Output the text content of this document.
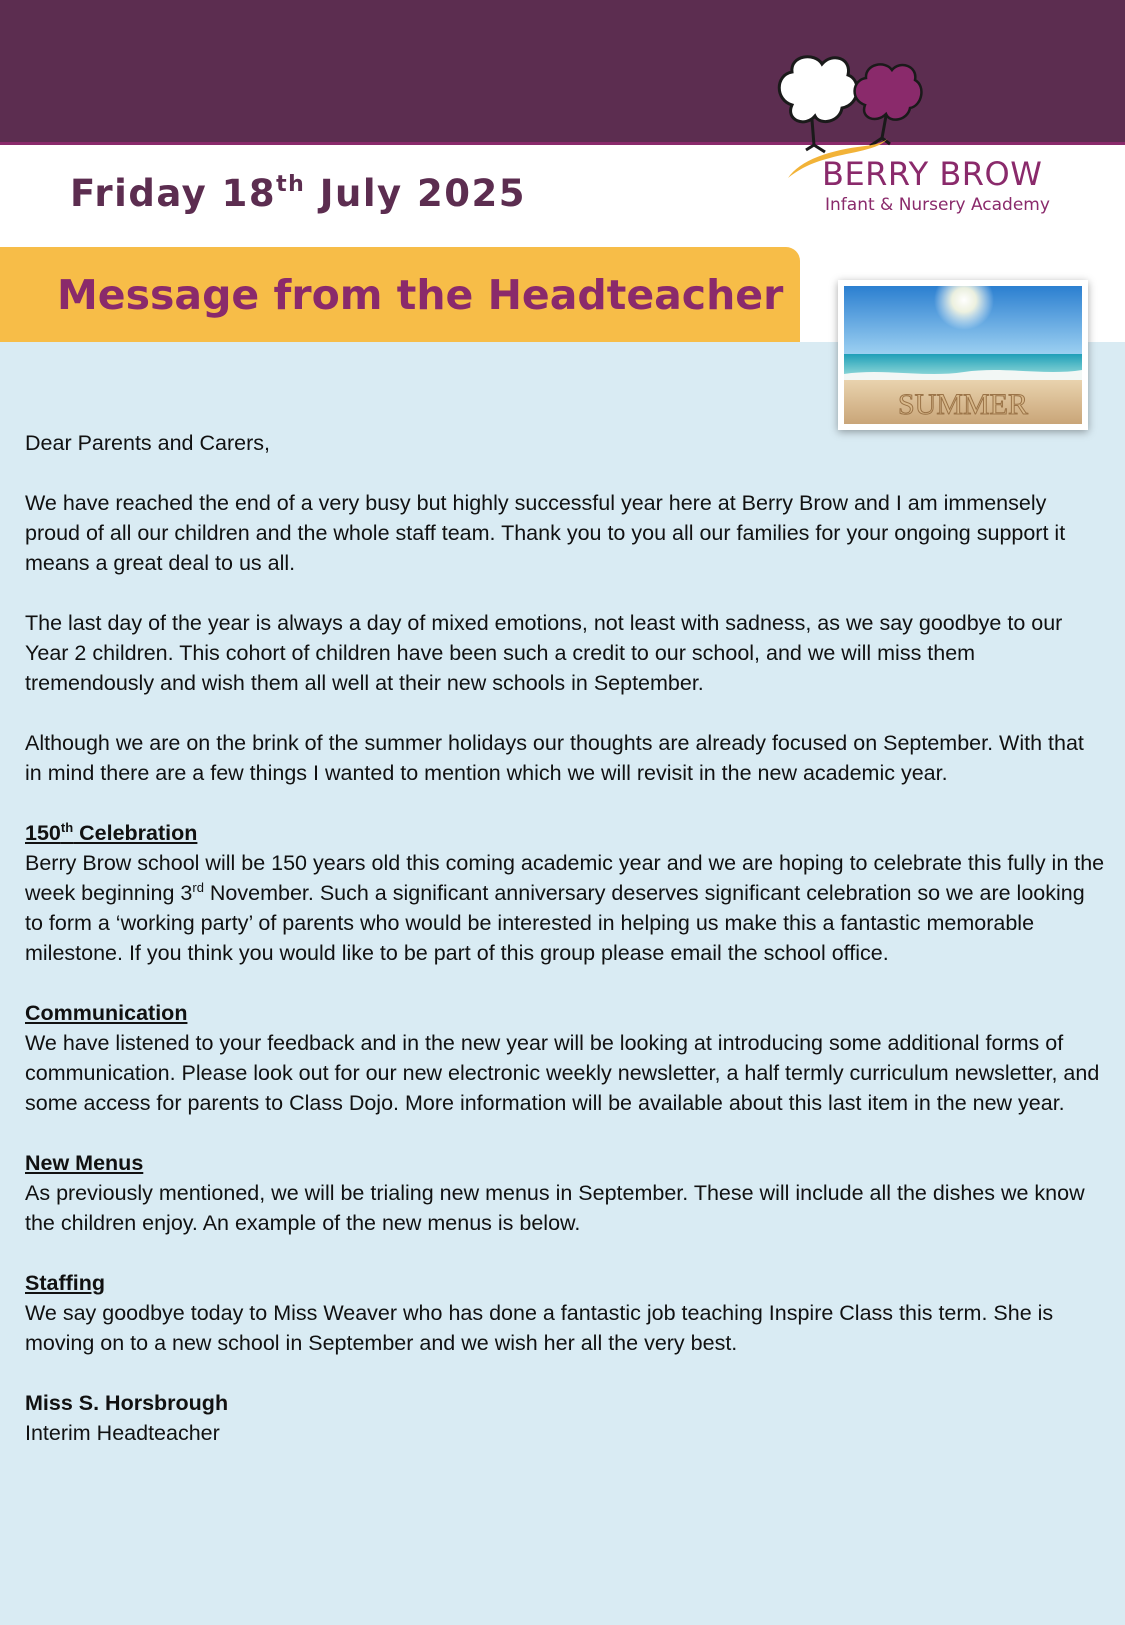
Friday 18th July 2025	BERRY BROW
Infant & Nursery Academy
Message from the Headteacher
SUMMER

Dear Parents and Carers,

We have reached the end of a very busy but highly successful year here at Berry Brow and I am immensely proud of all our children and the whole staff team. Thank you to you all our families for your ongoing support it means a great deal to us all.

The last day of the year is always a day of mixed emotions, not least with sadness, as we say goodbye to our Year 2 children. This cohort of children have been such a credit to our school, and we will miss them tremendously and wish them all well at their new schools in September.

Although we are on the brink of the summer holidays our thoughts are already focused on September. With that in mind there are a few things I wanted to mention which we will revisit in the new academic year.

150th Celebration
Berry Brow school will be 150 years old this coming academic year and we are hoping to celebrate this fully in the week beginning 3rd November. Such a significant anniversary deserves significant celebration so we are looking to form a ‘working party’ of parents who would be interested in helping us make this a fantastic memorable milestone. If you think you would like to be part of this group please email the school office.

Communication
We have listened to your feedback and in the new year will be looking at introducing some additional forms of communication. Please look out for our new electronic weekly newsletter, a half termly curriculum newsletter, and some access for parents to Class Dojo. More information will be available about this last item in the new year.

New Menus
As previously mentioned, we will be trialing new menus in September. These will include all the dishes we know the children enjoy. An example of the new menus is below.

Staffing
We say goodbye today to Miss Weaver who has done a fantastic job teaching Inspire Class this term. She is moving on to a new school in September and we wish her all the very best.

Miss S. Horsbrough
Interim Headteacher
